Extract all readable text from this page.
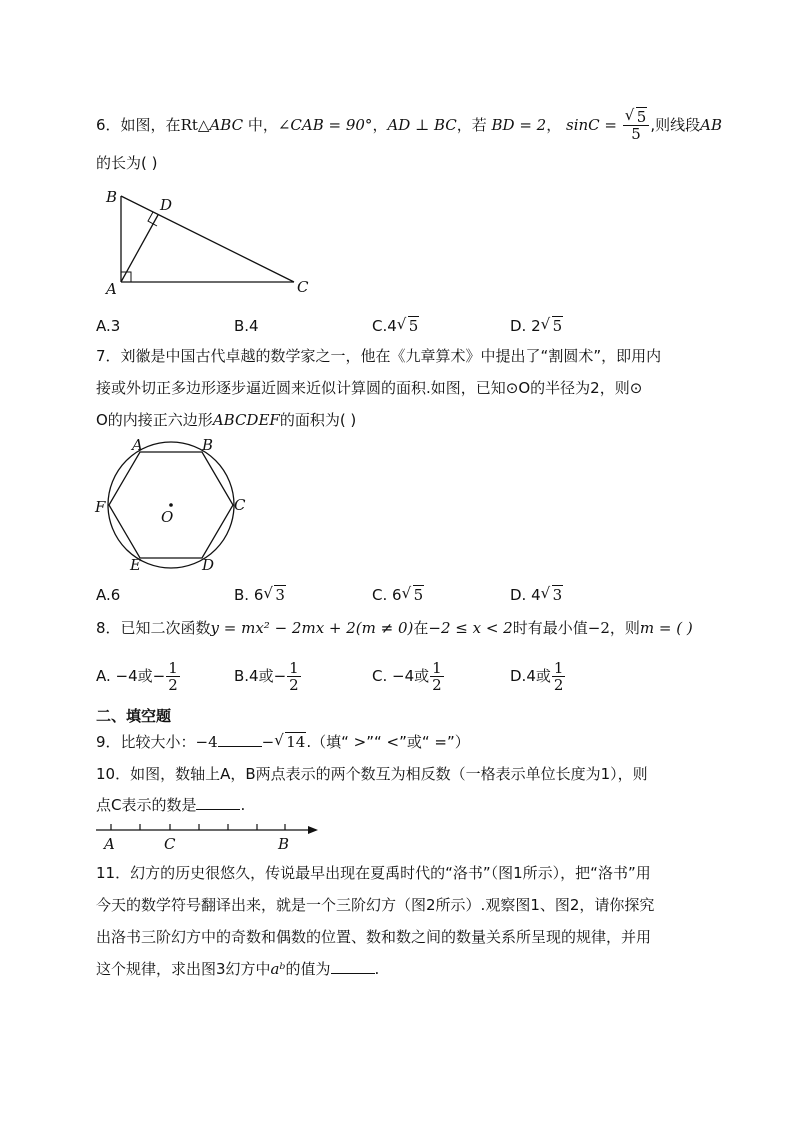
6．如图，在Rt△ABC 中，∠CAB = 90°，AD ⊥ BC，若 BD = 2， sinC = √ $\frac{5}{5}$ ,则线段AB
的长为( )
B	D
A	C
A.3	B.4	C.4 √ 5	D. 2 √ 5
7．刘徽是中国古代卓越的数学家之一，他在《九章算术》中提出了“割圆术”，即用内
接或外切正多边形逐步逼近圆来近似计算圆的面积.如图，已知⊙O的半径为2，则⊙
O的内接正六边形ABCDEF的面积为( )
A	B
C
D
E
F
O
A.6	B. 6 √ 3	C. 6 √ 5	D. 4 √ 3
8．已知二次函数y = mx² − 2mx + 2(m ≠ 0)在−2 ≤ x < 2时有最小值−2，则m = ( )
A. −4或− $\frac{1}{2}$	B.4或− $\frac{1}{2}$	C. −4或 $\frac{1}{2}$	D.4或 $\frac{1}{2}$
二、填空题
9．比较大小：−4	− √ 14.（填“ >”“ <”或“ =”）
10．如图，数轴上A，B两点表示的两个数互为相反数（一格表示单位长度为1），则
点C表示的数是	.
A	C	B
11．幻方的历史很悠久，传说最早出现在夏禹时代的“洛书”（图1所示），把“洛书”用
今天的数学符号翻译出来，就是一个三阶幻方（图2所示）.观察图1、图2，请你探究
出洛书三阶幻方中的奇数和偶数的位置、数和数之间的数量关系所呈现的规律，并用
这个规律，求出图3幻方中aᵇ的值为	.
